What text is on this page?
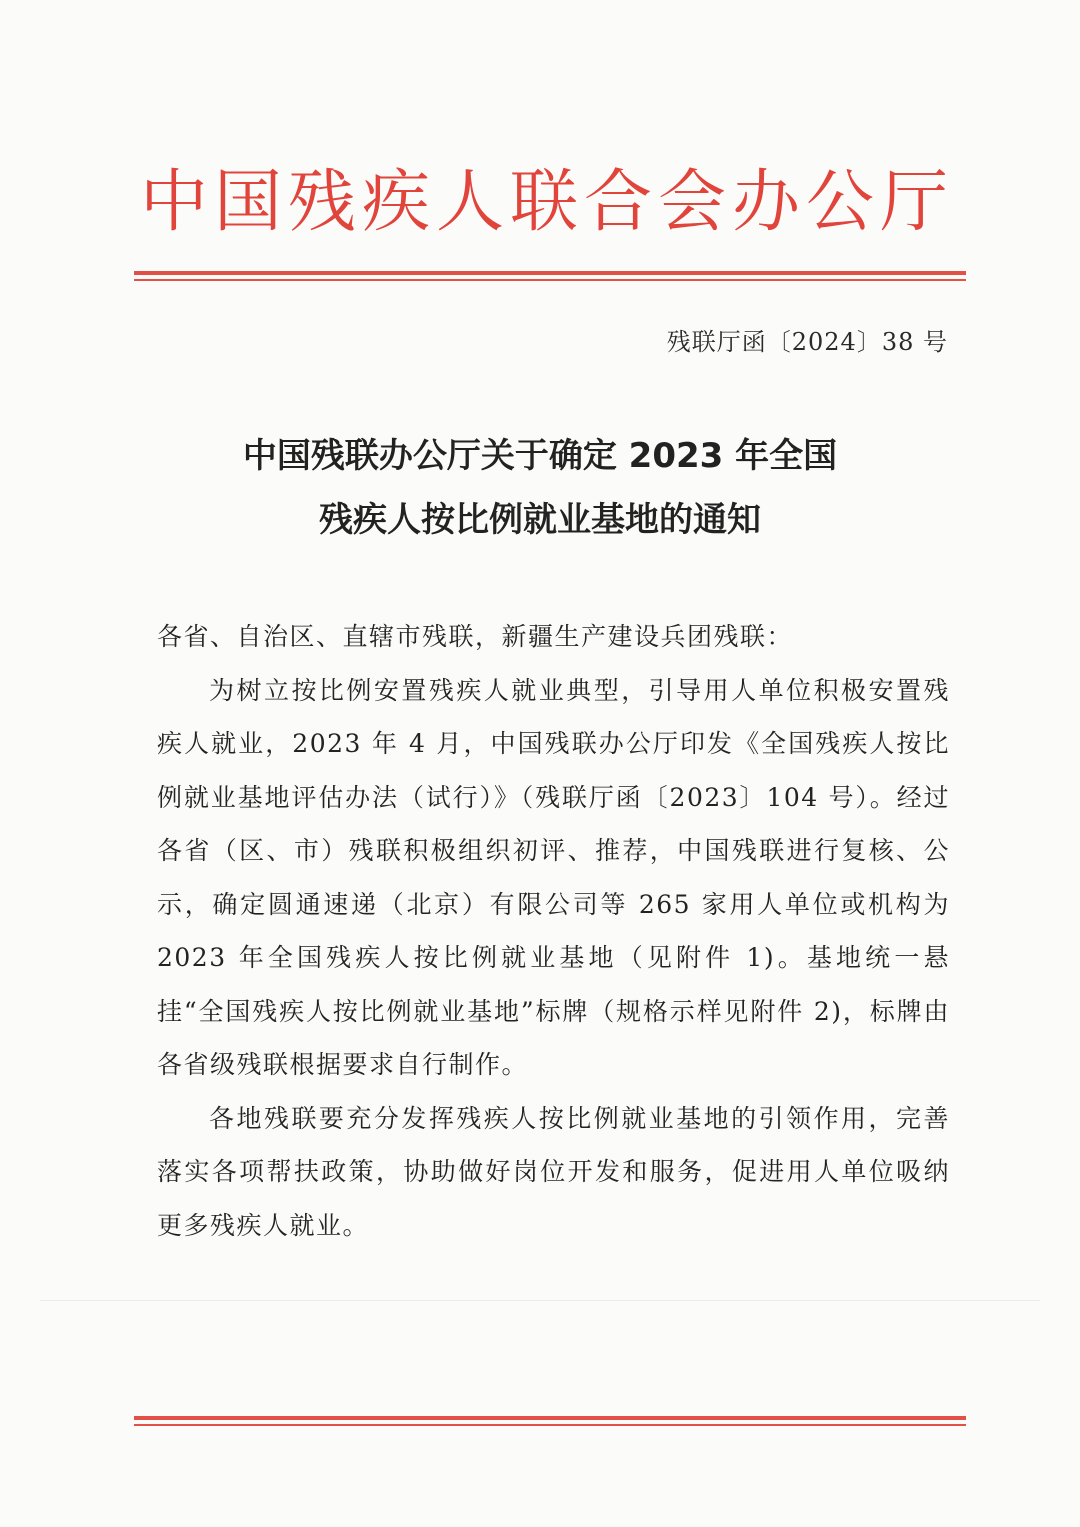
中国残疾人联合会办公厅
残联厅函〔2024〕38 号
中国残联办公厅关于确定 2023 年全国
残疾人按比例就业基地的通知

各省、自治区、直辖市残联，新疆生产建设兵团残联：

为树立按比例安置残疾人就业典型，引导用人单位积极安置残疾人就业，2023 年 4 月，中国残联办公厅印发《全国残疾人按比例就业基地评估办法（试行）》（残联厅函〔2023〕104 号）。经过各省（区、市）残联积极组织初评、推荐，中国残联进行复核、公示，确定圆通速递（北京）有限公司等 265 家用人单位或机构为 2023 年全国残疾人按比例就业基地（见附件 1)。基地统一悬挂“全国残疾人按比例就业基地”标牌（规格示样见附件 2)，标牌由各省级残联根据要求自行制作。

各地残联要充分发挥残疾人按比例就业基地的引领作用，完善落实各项帮扶政策，协助做好岗位开发和服务，促进用人单位吸纳更多残疾人就业。
